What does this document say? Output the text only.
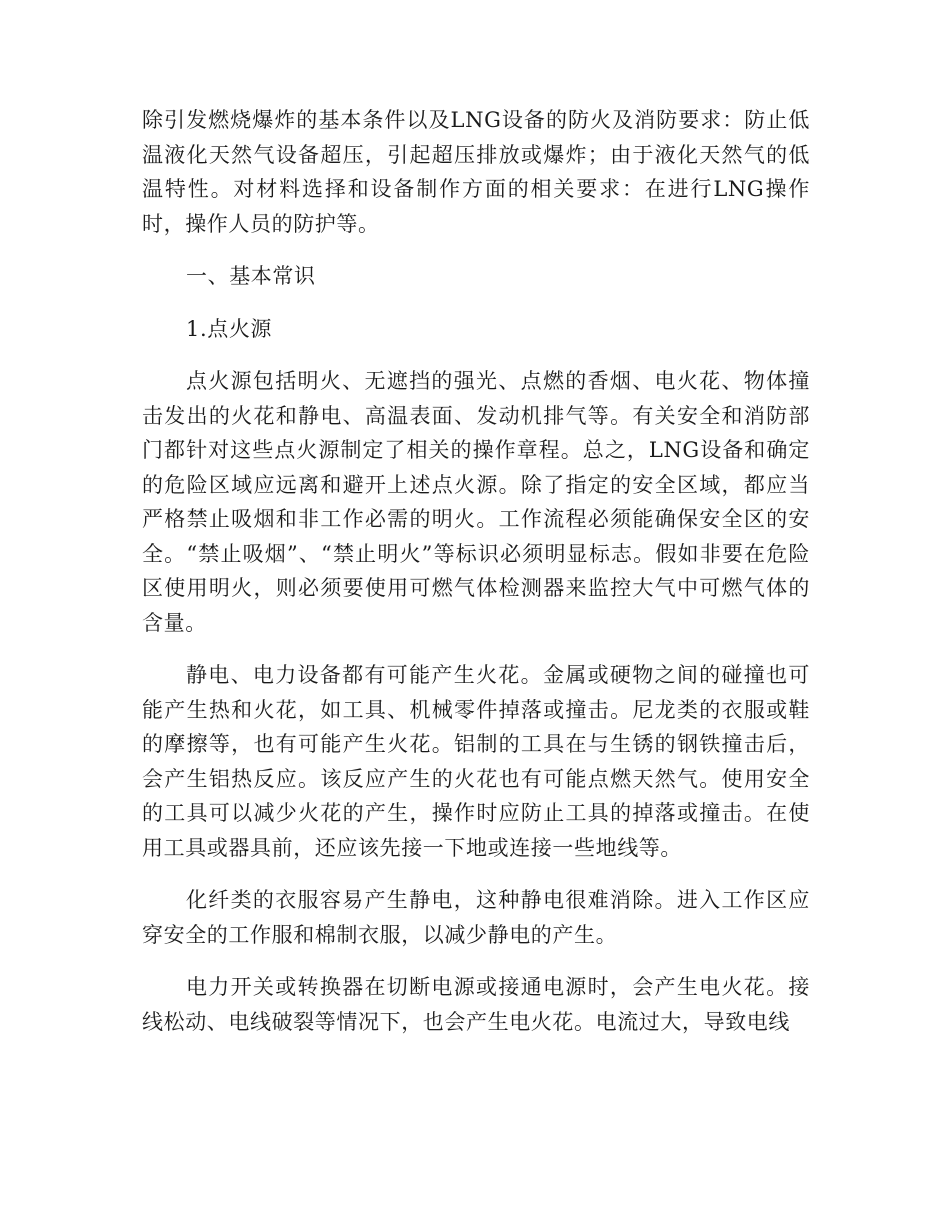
除引发燃烧爆炸的基本条件以及LNG设备的防火及消防要求：防止低温液化天然气设备超压，引起超压排放或爆炸；由于液化天然气的低温特性。对材料选择和设备制作方面的相关要求：在进行LNG操作时，操作人员的防护等。

一、基本常识

1.点火源

点火源包括明火、无遮挡的强光、点燃的香烟、电火花、物体撞击发出的火花和静电、高温表面、发动机排气等。有关安全和消防部门都针对这些点火源制定了相关的操作章程。总之，LNG设备和确定的危险区域应远离和避开上述点火源。除了指定的安全区域，都应当严格禁止吸烟和非工作必需的明火。工作流程必须能确保安全区的安全。“禁止吸烟”、“禁止明火”等标识必须明显标志。假如非要在危险区使用明火，则必须要使用可燃气体检测器来监控大气中可燃气体的含量。

静电、电力设备都有可能产生火花。金属或硬物之间的碰撞也可能产生热和火花，如工具、机械零件掉落或撞击。尼龙类的衣服或鞋的摩擦等，也有可能产生火花。铝制的工具在与生锈的钢铁撞击后，会产生铝热反应。该反应产生的火花也有可能点燃天然气。使用安全的工具可以减少火花的产生，操作时应防止工具的掉落或撞击。在使用工具或器具前，还应该先接一下地或连接一些地线等。

化纤类的衣服容易产生静电，这种静电很难消除。进入工作区应穿安全的工作服和棉制衣服，以减少静电的产生。

电力开关或转换器在切断电源或接通电源时，会产生电火花。接线松动、电线破裂等情况下，也会产生电火花。电流过大，导致电线
